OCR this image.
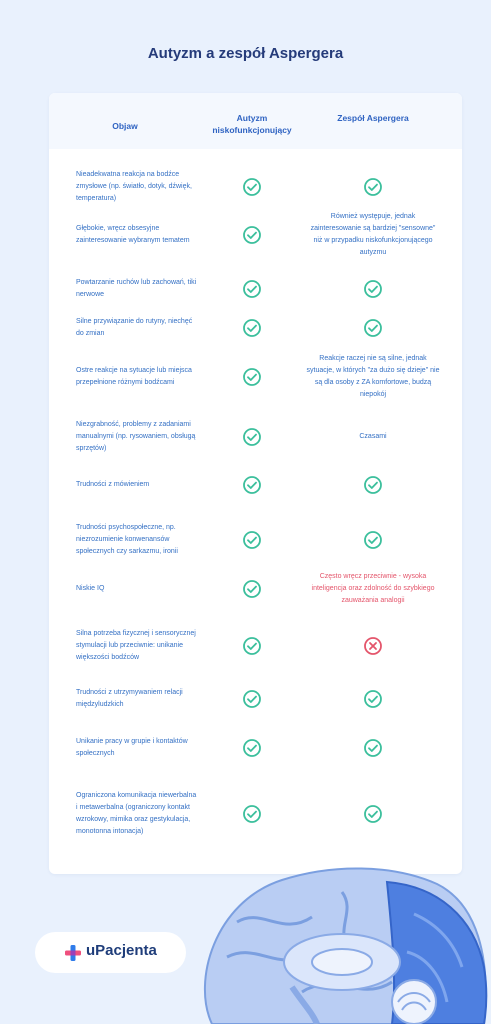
Autyzm a zespół Aspergera
Objaw
Autyzm niskofunkcjonujący
Zespół Aspergera
Nieadekwatna reakcja na bodźce zmysłowe (np. światło, dotyk, dźwięk, temperatura)
Głębokie, wręcz obsesyjne zainteresowanie wybranym tematem
Również występuje, jednak zainteresowanie są bardziej "sensowne" niż w przypadku niskofunkcjonującego autyzmu
Powtarzanie ruchów lub zachowań, tiki nerwowe
Silne przywiązanie do rutyny, niechęć do zmian
Ostre reakcje na sytuacje lub miejsca przepełnione różnymi bodźcami
Reakcje raczej nie są silne, jednak sytuacje, w których "za dużo się dzieje" nie są dla osoby z ZA komfortowe, budzą niepokój
Niezgrabność, problemy z zadaniami manualnymi (np. rysowaniem, obsługą sprzętów)
Czasami
Trudności z mówieniem
Trudności psychospołeczne, np. niezrozumienie konwenansów społecznych czy sarkazmu, ironii
Niskie IQ
Często wręcz przeciwnie - wysoka inteligencja oraz zdolność do szybkiego zauważania analogii
Silna potrzeba fizycznej i sensorycznej stymulacji lub przeciwnie: unikanie większości bodźców
Trudności z utrzymywaniem relacji międzyludzkich
Unikanie pracy w grupie i kontaktów społecznych
Ograniczona komunikacja niewerbalna i metawerbalna (ograniczony kontakt wzrokowy, mimika oraz gestykulacja, monotonna intonacja)
uPacjenta
